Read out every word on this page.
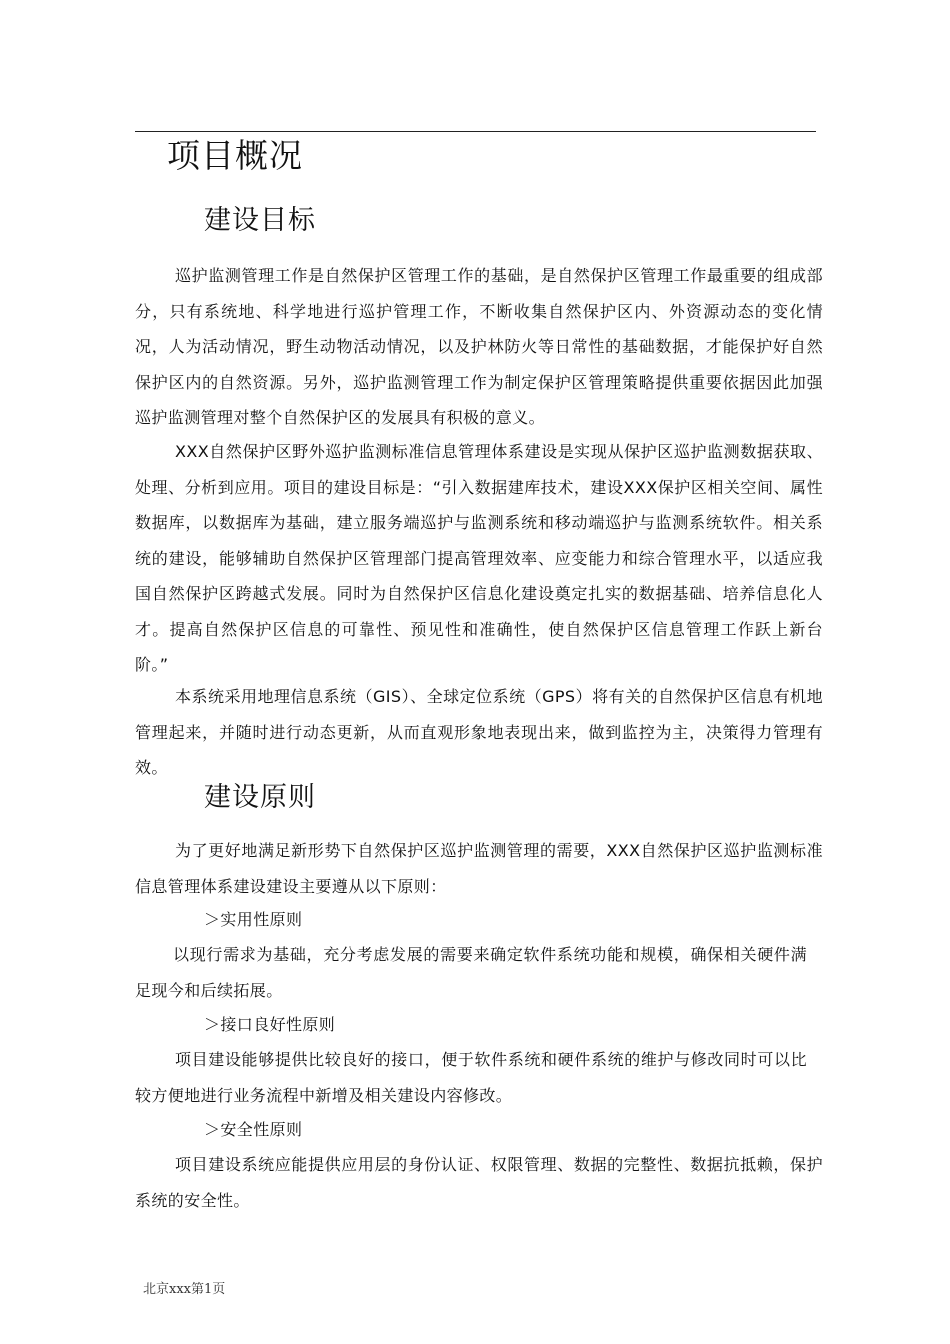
项目概况
建设目标

巡护监测管理工作是自然保护区管理工作的基础，是自然保护区管理工作最重要的组成部分，只有系统地、科学地进行巡护管理工作，不断收集自然保护区内、外资源动态的变化情况，人为活动情况，野生动物活动情况，以及护林防火等日常性的基础数据，才能保护好自然保护区内的自然资源。另外，巡护监测管理工作为制定保护区管理策略提供重要依据因此加强巡护监测管理对整个自然保护区的发展具有积极的意义。

XXX自然保护区野外巡护监测标准信息管理体系建设是实现从保护区巡护监测数据获取、处理、分析到应用。项目的建设目标是：“引入数据建库技术，建设XXX保护区相关空间、属性数据库，以数据库为基础，建立服务端巡护与监测系统和移动端巡护与监测系统软件。相关系统的建设，能够辅助自然保护区管理部门提高管理效率、应变能力和综合管理水平，以适应我国自然保护区跨越式发展。同时为自然保护区信息化建设奠定扎实的数据基础、培养信息化人才。提高自然保护区信息的可靠性、预见性和准确性，使自然保护区信息管理工作跃上新台阶。”

本系统采用地理信息系统（GIS）、全球定位系统（GPS）将有关的自然保护区信息有机地管理起来，并随时进行动态更新，从而直观形象地表现出来，做到监控为主，决策得力管理有效。

建设原则

为了更好地满足新形势下自然保护区巡护监测管理的需要，XXX自然保护区巡护监测标准信息管理体系建设建设主要遵从以下原则：

＞实用性原则

以现行需求为基础，充分考虑发展的需要来确定软件系统功能和规模，确保相关硬件满足现今和后续拓展。

＞接口良好性原则

项目建设能够提供比较良好的接口，便于软件系统和硬件系统的维护与修改同时可以比较方便地进行业务流程中新增及相关建设内容修改。

＞安全性原则

项目建设系统应能提供应用层的身份认证、权限管理、数据的完整性、数据抗抵赖，保护系统的安全性。

北京xxx第1页
